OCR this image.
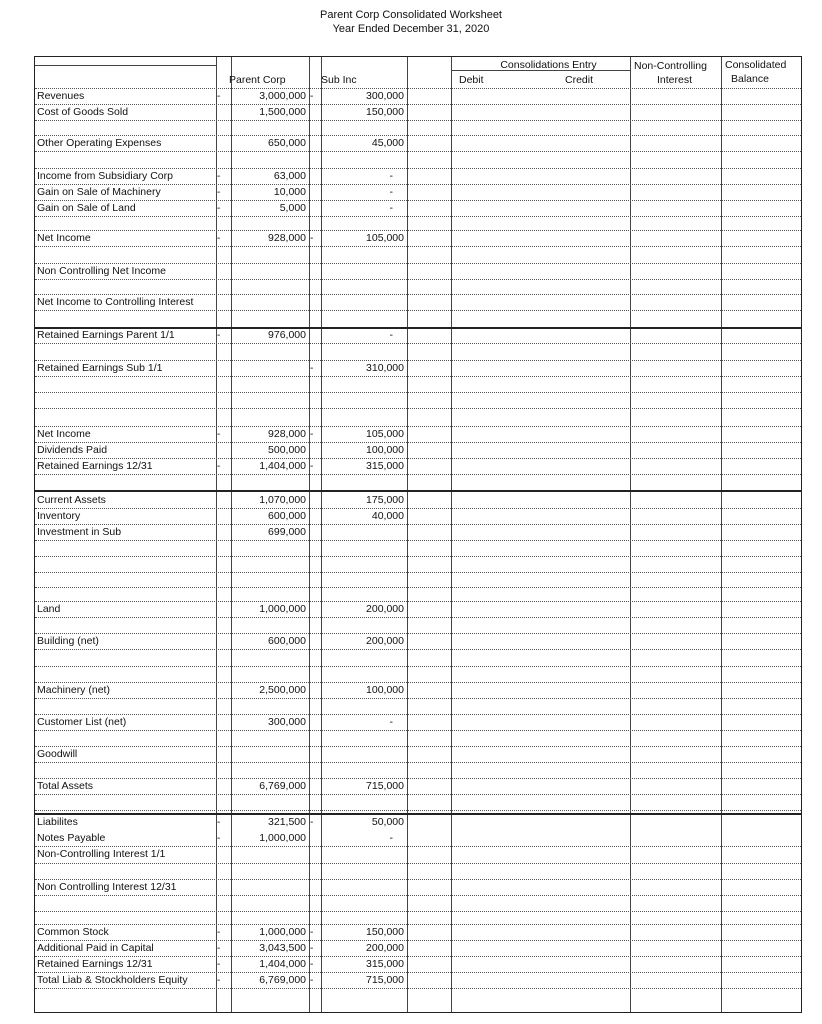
Parent Corp Consolidated Worksheet
Year Ended December 31, 2020
Parent Corp	Sub Inc
Consolidations Entry
Debit	Credit
Non-Controlling
Interest
Consolidated
Balance
Revenues	-	3,000,000 -	300,000
Cost of Goods Sold	1,500,000	150,000
Other Operating Expenses	650,000	45,000
Income from Subsidiary Corp	-	63,000	-
Gain on Sale of Machinery	-	10,000	-
Gain on Sale of Land	-	5,000	-
Net Income	-	928,000 -	105,000
Non Controlling Net Income
Net Income to Controlling Interest
Retained Earnings Parent 1/1	-	976,000	-
Retained Earnings Sub 1/1	-	310,000
Net Income	-	928,000 -	105,000
Dividends Paid	500,000	100,000
Retained Earnings 12/31	-	1,404,000 -	315,000
Current Assets	1,070,000	175,000
Inventory	600,000	40,000
Investment in Sub	699,000
Land	1,000,000	200,000
Building (net)	600,000	200,000
Machinery (net)	2,500,000	100,000
Customer List (net)	300,000	-
Goodwill
Total Assets	6,769,000	715,000
Liabilites	-	321,500 -	50,000
Notes Payable	-	1,000,000	-
Non-Controlling Interest 1/1
Non Controlling Interest 12/31
Common Stock	-	1,000,000 -	150,000
Additional Paid in Capital	-	3,043,500 -	200,000
Retained Earnings 12/31	-	1,404,000 -	315,000
Total Liab & Stockholders Equity	-	6,769,000 -	715,000
